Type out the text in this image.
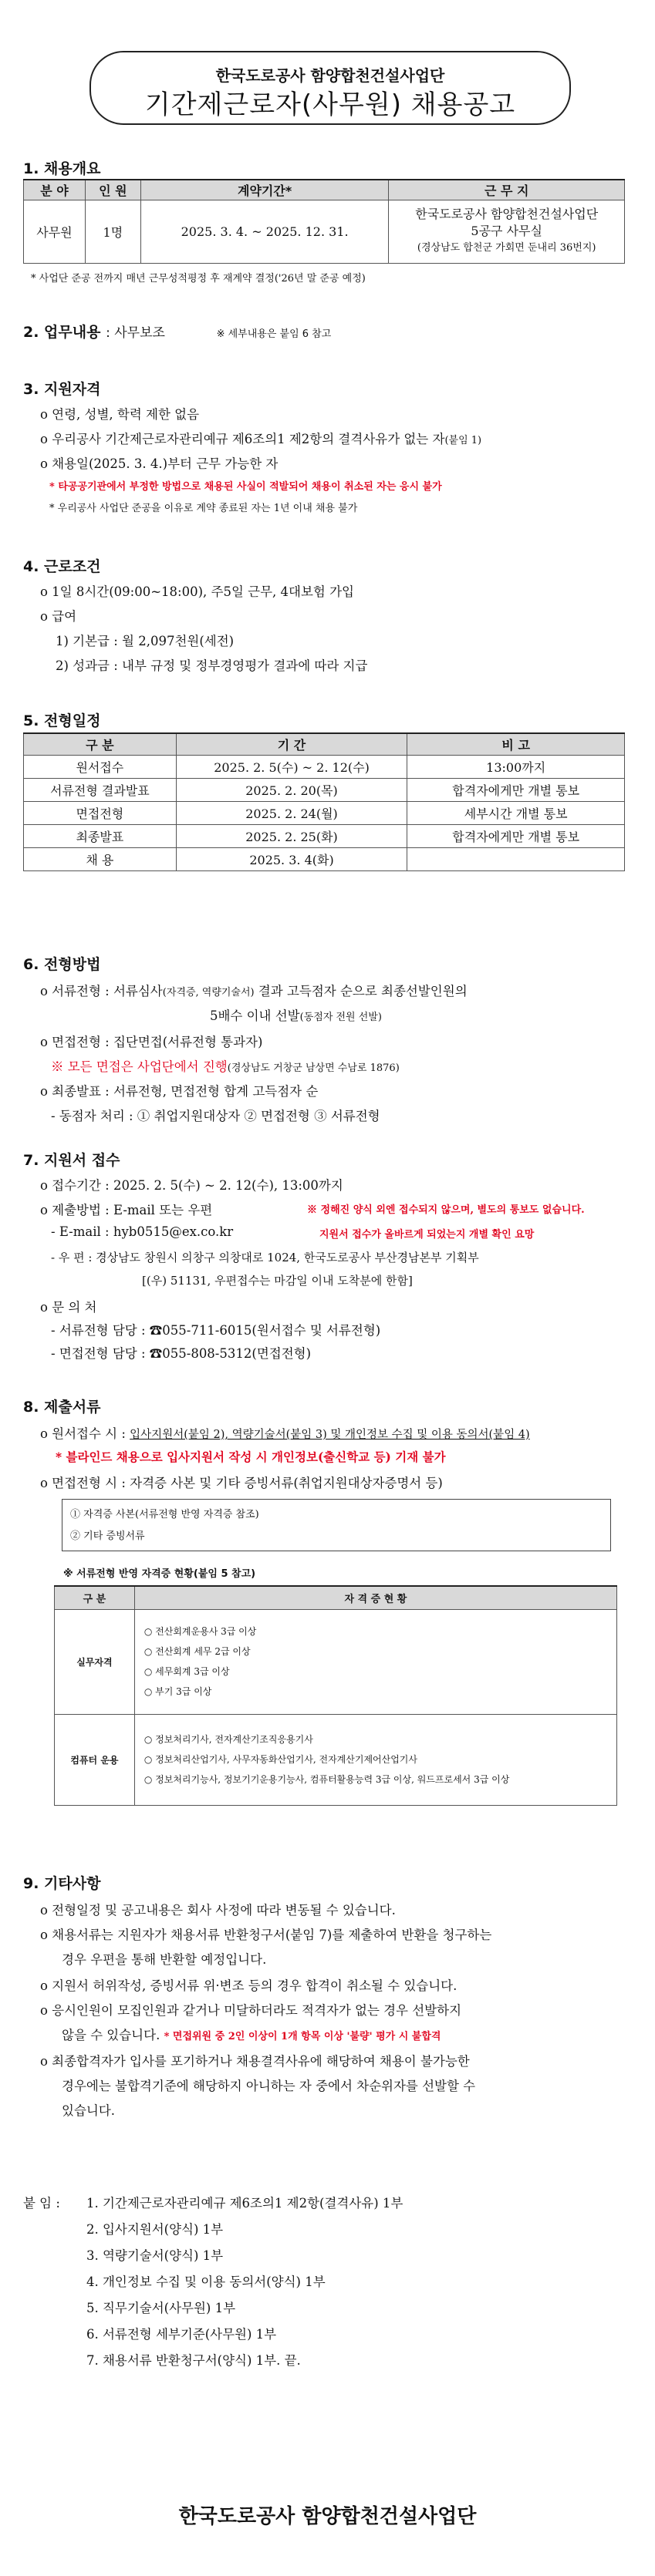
한국도로공사 함양합천건설사업단
기간제근로자(사무원) 채용공고
1. 채용개요
분 야	인 원	계약기간*	근 무 지
사무원	1명	2025. 3. 4. ~ 2025. 12. 31.	한국도로공사 함양합천건설사업단
5공구 사무실
(경상남도 합천군 가회면 둔내리 36번지)
* 사업단 준공 전까지 매년 근무성적평정 후 재계약 결정('26년 말 준공 예정)
2. 업무내용 : 사무보조	※ 세부내용은 붙임 6 참고
3. 지원자격
o 연령, 성별, 학력 제한 없음
o 우리공사 기간제근로자관리예규 제6조의1 제2항의 결격사유가 없는 자(붙임 1)
o 채용일(2025. 3. 4.)부터 근무 가능한 자
* 타공공기관에서 부정한 방법으로 채용된 사실이 적발되어 채용이 취소된 자는 응시 불가
* 우리공사 사업단 준공을 이유로 계약 종료된 자는 1년 이내 채용 불가
4. 근로조건
o 1일 8시간(09:00~18:00), 주5일 근무, 4대보험 가입
o 급여
1) 기본급 : 월 2,097천원(세전)
2) 성과금 : 내부 규정 및 정부경영평가 결과에 따라 지급
5. 전형일정
구 분	기 간	비 고
원서접수	2025. 2. 5(수) ~ 2. 12(수)	13:00까지
서류전형 결과발표	2025. 2. 20(목)	합격자에게만 개별 통보
면접전형	2025. 2. 24(월)	세부시간 개별 통보
최종발표	2025. 2. 25(화)	합격자에게만 개별 통보
채 용	2025. 3. 4(화)	
6. 전형방법
o 서류전형 : 서류심사(자격증, 역량기술서) 결과 고득점자 순으로 최종선발인원의
5배수 이내 선발(동점자 전원 선발)
o 면접전형 : 집단면접(서류전형 통과자)
※ 모든 면접은 사업단에서 진행(경상남도 거창군 남상면 수남로 1876)
o 최종발표 : 서류전형, 면접전형 합계 고득점자 순
- 동점자 처리 : ① 취업지원대상자 ② 면접전형 ③ 서류전형
7. 지원서 접수
o 접수기간 : 2025. 2. 5(수) ~ 2. 12(수), 13:00까지
o 제출방법 : E-mail 또는 우편	※ 정해진 양식 외엔 접수되지 않으며, 별도의 통보도 없습니다.
- E-mail : hyb0515@ex.co.kr	지원서 접수가 올바르게 되었는지 개별 확인 요망
- 우 편 : 경상남도 창원시 의창구 의창대로 1024, 한국도로공사 부산경남본부 기획부
[(우) 51131, 우편접수는 마감일 이내 도착분에 한함]
o 문 의 처
- 서류전형 담당 : ☎055-711-6015(원서접수 및 서류전형)
- 면접전형 담당 : ☎055-808-5312(면접전형)
8. 제출서류
o 원서접수 시 : 입사지원서(붙임 2), 역량기술서(붙임 3) 및 개인정보 수집 및 이용 동의서(붙임 4)
* 블라인드 채용으로 입사지원서 작성 시 개인정보(출신학교 등) 기재 불가
o 면접전형 시 : 자격증 사본 및 기타 증빙서류(취업지원대상자증명서 등)
① 자격증 사본(서류전형 반영 자격증 참조)
② 기타 증빙서류
※ 서류전형 반영 자격증 현황(붙임 5 참고)
구 분	자 격 증 현 황
실무자격	○ 전산회계운용사 3급 이상
○ 전산회계 세무 2급 이상
○ 세무회계 3급 이상
○ 부기 3급 이상

컴퓨터 운용	○ 정보처리기사, 전자계산기조직응용기사
○ 정보처리산업기사, 사무자동화산업기사, 전자계산기제어산업기사
○ 정보처리기능사, 정보기기운용기능사, 컴퓨터활용능력 3급 이상, 워드프로세서 3급 이상
9. 기타사항
o 전형일정 및 공고내용은 회사 사정에 따라 변동될 수 있습니다.
o 채용서류는 지원자가 채용서류 반환청구서(붙임 7)를 제출하여 반환을 청구하는
경우 우편을 통해 반환할 예정입니다.
o 지원서 허위작성, 증빙서류 위·변조 등의 경우 합격이 취소될 수 있습니다.
o 응시인원이 모집인원과 같거나 미달하더라도 적격자가 없는 경우 선발하지
않을 수 있습니다. * 면접위원 중 2인 이상이 1개 항목 이상 '불량' 평가 시 불합격
o 최종합격자가 입사를 포기하거나 채용결격사유에 해당하여 채용이 불가능한
경우에는 불합격기준에 해당하지 아니하는 자 중에서 차순위자를 선발할 수
있습니다.
붙 임 : 1. 기간제근로자관리예규 제6조의1 제2항(결격사유) 1부
2. 입사지원서(양식) 1부
3. 역량기술서(양식) 1부
4. 개인정보 수집 및 이용 동의서(양식) 1부
5. 직무기술서(사무원) 1부
6. 서류전형 세부기준(사무원) 1부
7. 채용서류 반환청구서(양식) 1부. 끝.
한국도로공사 함양합천건설사업단
